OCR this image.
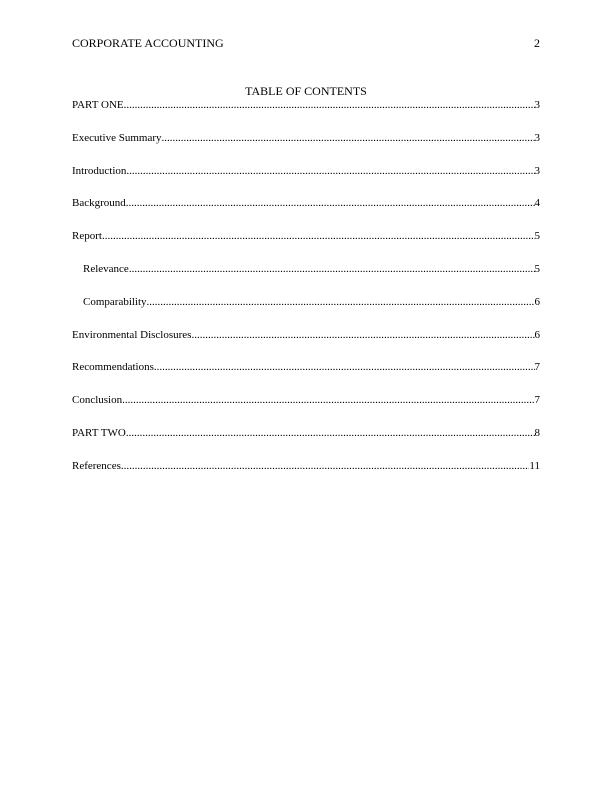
CORPORATE ACCOUNTING	2
TABLE OF CONTENTS
PART ONE .....	3
Executive Summary .....	3
Introduction .....	3
Background .....	4
Report .....	5
Relevance .....	5
Comparability .....	6
Environmental Disclosures .....	6
Recommendations .....	7
Conclusion .....	7
PART TWO .....	8
References .....	11
